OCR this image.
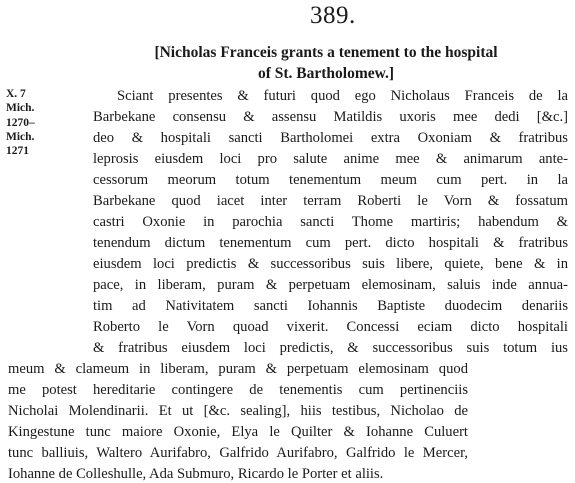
389.
[Nicholas Franceis grants a tenement to the hospital
of St. Bartholomew.]
X. 7
Mich.
1270–
Mich.
1271
Sciant presentes & futuri quod ego Nicholaus Franceis de la
Barbekane consensu & assensu Matildis uxoris mee dedi [&c.]
deo & hospitali sancti Bartholomei extra Oxoniam & fratribus
leprosis eiusdem loci pro salute anime mee & animarum ante-
cessorum meorum totum tenementum meum cum pert. in la
Barbekane quod iacet inter terram Roberti le Vorn & fossatum
castri Oxonie in parochia sancti Thome martiris; habendum &
tenendum dictum tenementum cum pert. dicto hospitali & fratribus
eiusdem loci predictis & successoribus suis libere, quiete, bene & in
pace, in liberam, puram & perpetuam elemosinam, saluis inde annua-
tim ad Nativitatem sancti Iohannis Baptiste duodecim denariis
Roberto le Vorn quoad vixerit. Concessi eciam dicto hospitali
& fratribus eiusdem loci predictis, & successoribus suis totum ius
meum & clameum in liberam, puram & perpetuam elemosinam quod
me potest hereditarie contingere de tenementis cum pertinenciis
Nicholai Molendinarii. Et ut [&c. sealing], hiis testibus, Nicholao de
Kingestune tunc maiore Oxonie, Elya le Quilter & Iohanne Culuert
tunc balliuis, Waltero Aurifabro, Galfrido Aurifabro, Galfrido le Mercer,
Iohanne de Colleshulle, Ada Submuro, Ricardo le Porter et aliis.
